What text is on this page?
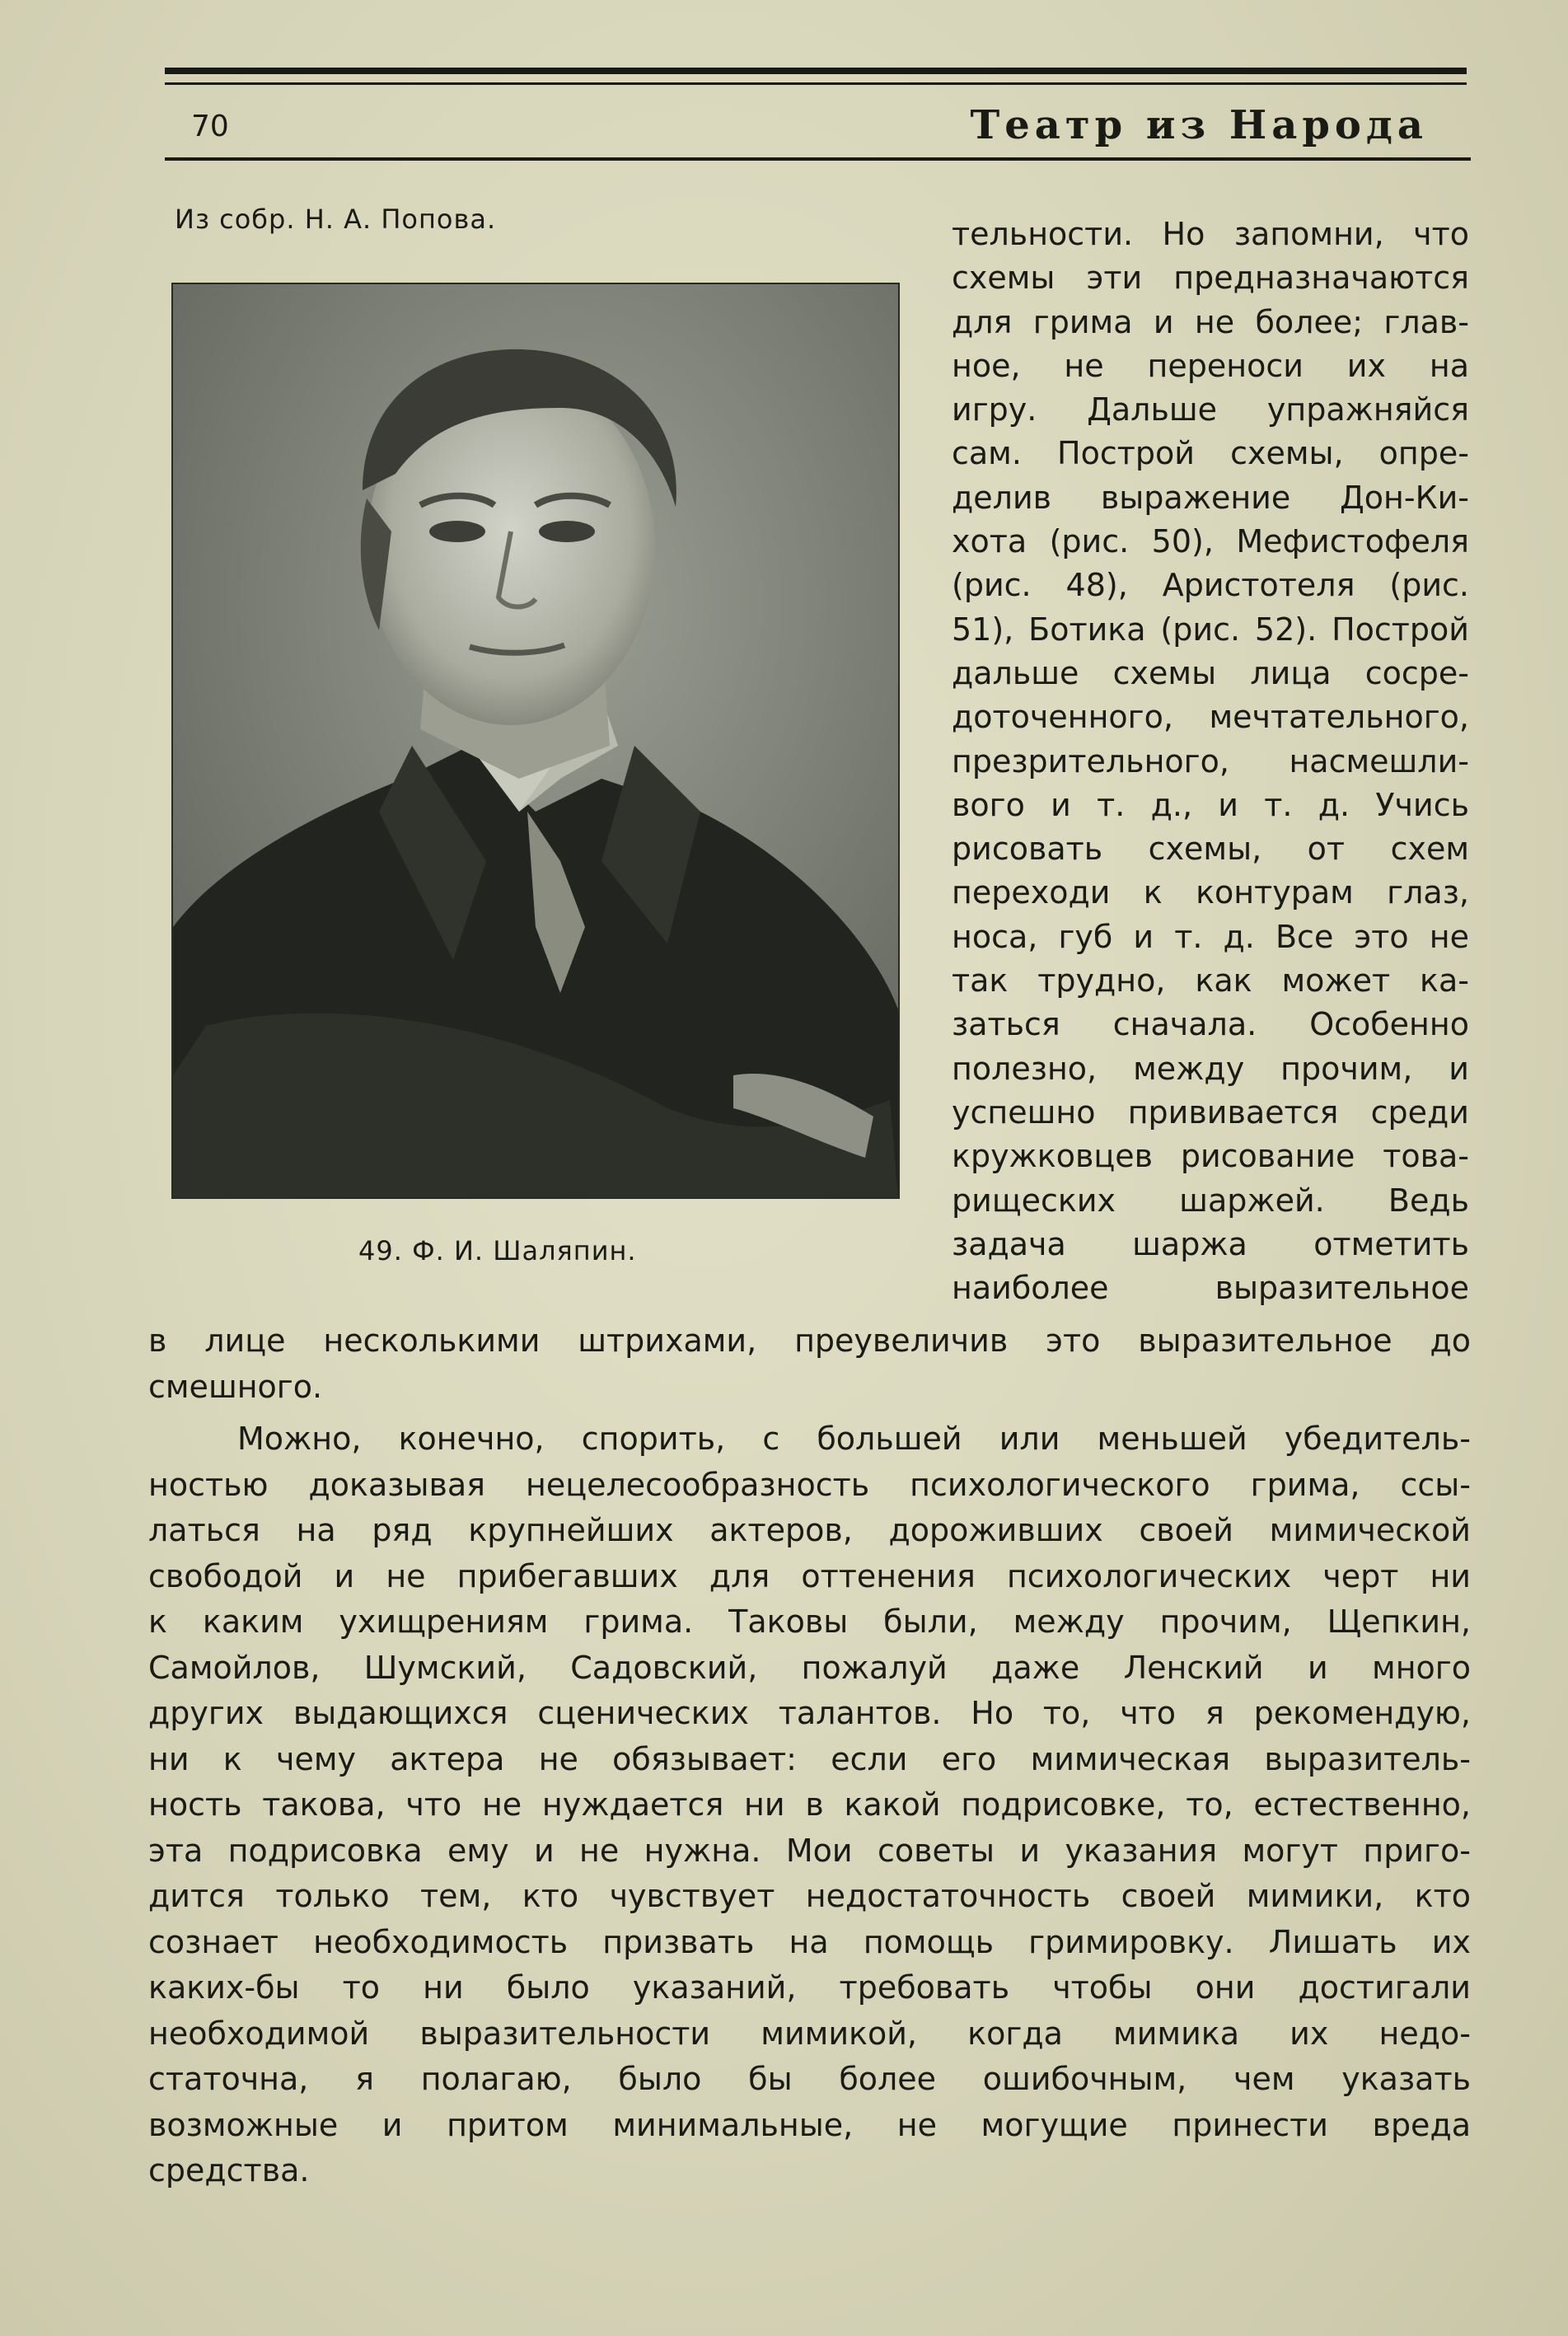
70	Театр из Народа
Из собр. Н. А. Попова.
49. Ф. И. Шаляпин.
тельности. Но запомни, что
схемы эти предназначаются
для грима и не более; глав-
ное, не переноси их на
игру. Дальше упражняйся
сам. Построй схемы, опре-
делив выражение Дон-Ки-
хота (рис. 50), Мефистофеля
(рис. 48), Аристотеля (рис.
51), Ботика (рис. 52). Построй
дальше схемы лица сосре-
доточенного, мечтательного,
презрительного, насмешли-
вого и т. д., и т. д. Учись
рисовать схемы, от схем
переходи к контурам глаз,
носа, губ и т. д. Все это не
так трудно, как может ка-
заться сначала. Особенно
полезно, между прочим, и
успешно прививается среди
кружковцев рисование това-
рищеских шаржей. Ведь
задача шаржа отметить
наиболее выразительное
в лице несколькими штрихами, преувеличив это выразительное до
смешного.
Можно, конечно, спорить, с большей или меньшей убедитель-
ностью доказывая нецелесообразность психологического грима, ссы-
латься на ряд крупнейших актеров, дороживших своей мимической
свободой и не прибегавших для оттенения психологических черт ни
к каким ухищрениям грима. Таковы были, между прочим, Щепкин,
Самойлов, Шумский, Садовский, пожалуй даже Ленский и много
других выдающихся сценических талантов. Но то, что я рекомендую,
ни к чему актера не обязывает: если его мимическая выразитель-
ность такова, что не нуждается ни в какой подрисовке, то, естественно,
эта подрисовка ему и не нужна. Мои советы и указания могут приго-
дится только тем, кто чувствует недостаточность своей мимики, кто
сознает необходимость призвать на помощь гримировку. Лишать их
каких-бы то ни было указаний, требовать чтобы они достигали
необходимой выразительности мимикой, когда мимика их недо-
статочна, я полагаю, было бы более ошибочным, чем указать
возможные и притом минимальные, не могущие принести вреда
средства.
